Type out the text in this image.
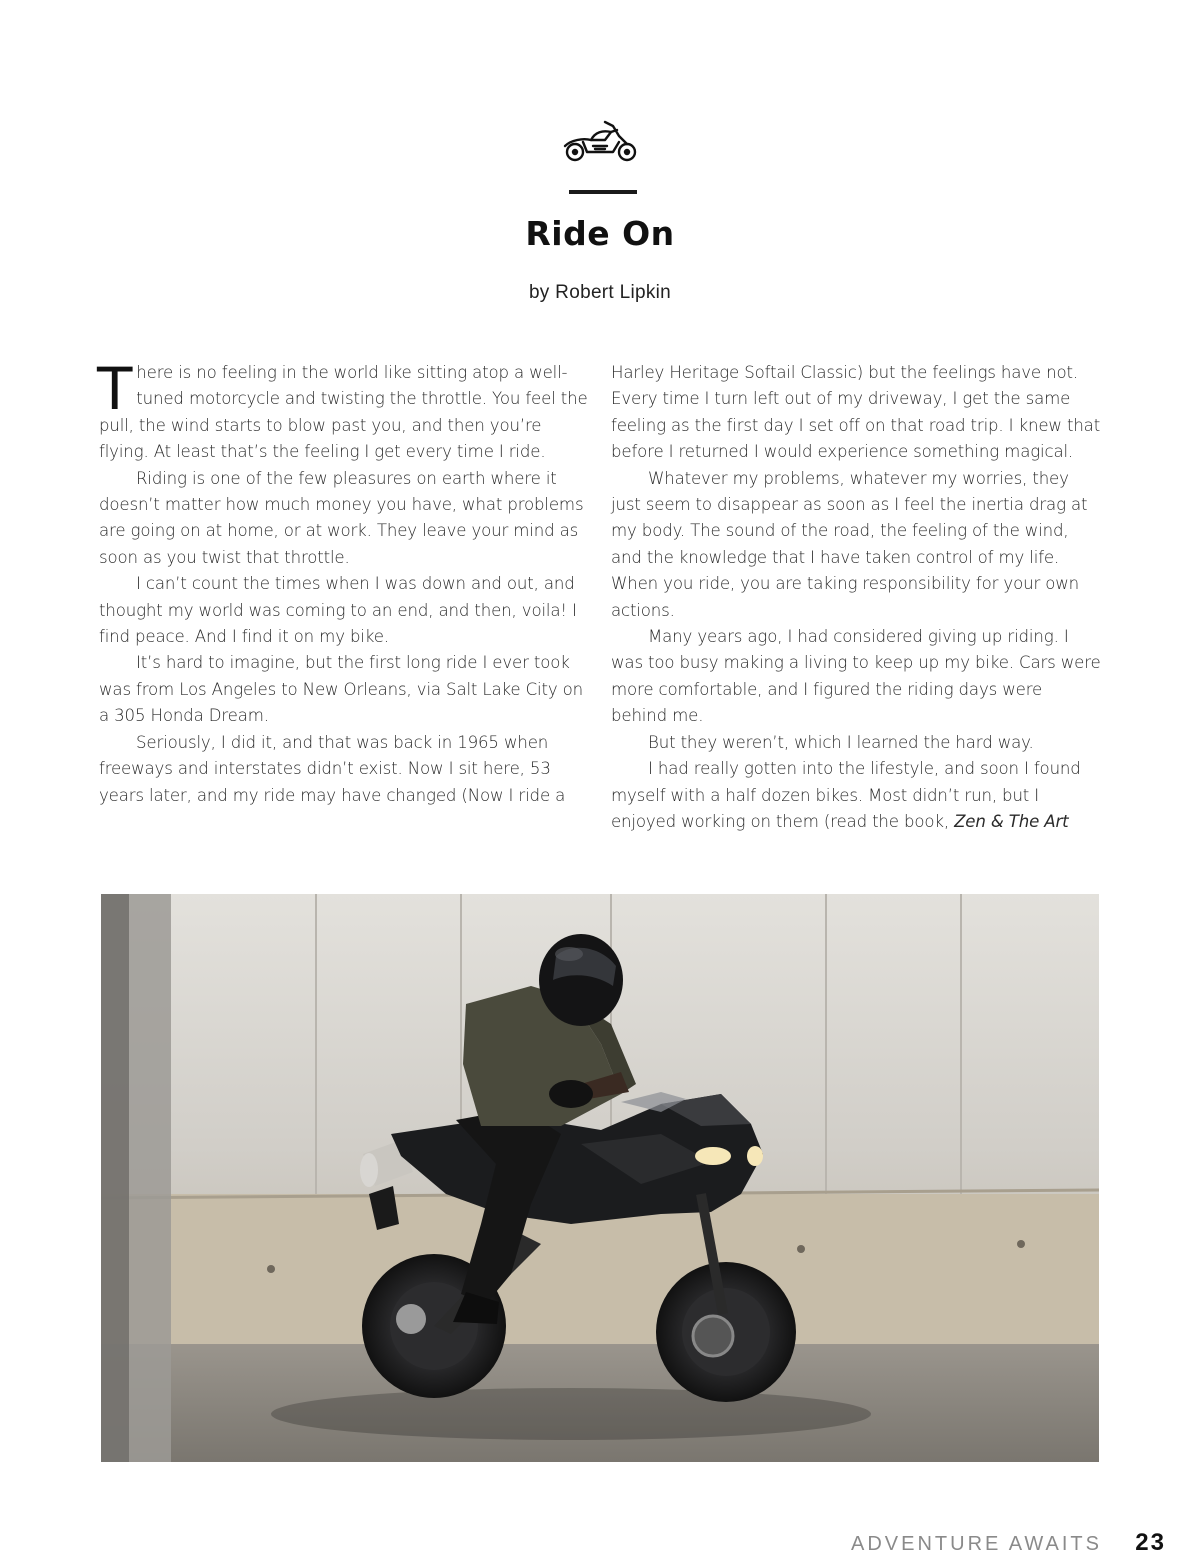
Ride On
by Robert Lipkin

There is no feeling in the world like sitting atop a well-tuned motorcycle and twisting the throttle. You feel the pull, the wind starts to blow past you, and then you’re flying. At least that’s the feeling I get every time I ride.

Riding is one of the few pleasures on earth where it doesn’t matter how much money you have, what problems are going on at home, or at work. They leave your mind as soon as you twist that throttle.

I can’t count the times when I was down and out, and thought my world was coming to an end, and then, voila! I find peace. And I find it on my bike.

It’s hard to imagine, but the first long ride I ever took was from Los Angeles to New Orleans, via Salt Lake City on a 305 Honda Dream.

Seriously, I did it, and that was back in 1965 when freeways and interstates didn’t exist. Now I sit here, 53 years later, and my ride may have changed (Now I ride a

Harley Heritage Softail Classic) but the feelings have not. Every time I turn left out of my driveway, I get the same feeling as the first day I set off on that road trip. I knew that before I returned I would experience something magical.

Whatever my problems, whatever my worries, they just seem to disappear as soon as I feel the inertia drag at my body. The sound of the road, the feeling of the wind, and the knowledge that I have taken control of my life. When you ride, you are taking responsibility for your own actions.

Many years ago, I had considered giving up riding. I was too busy making a living to keep up my bike. Cars were more comfortable, and I figured the riding days were behind me.

But they weren’t, which I learned the hard way.

I had really gotten into the lifestyle, and soon I found myself with a half dozen bikes. Most didn’t run, but I enjoyed working on them (read the book, Zen & The Art

ADVENTURE AWAITS 23
